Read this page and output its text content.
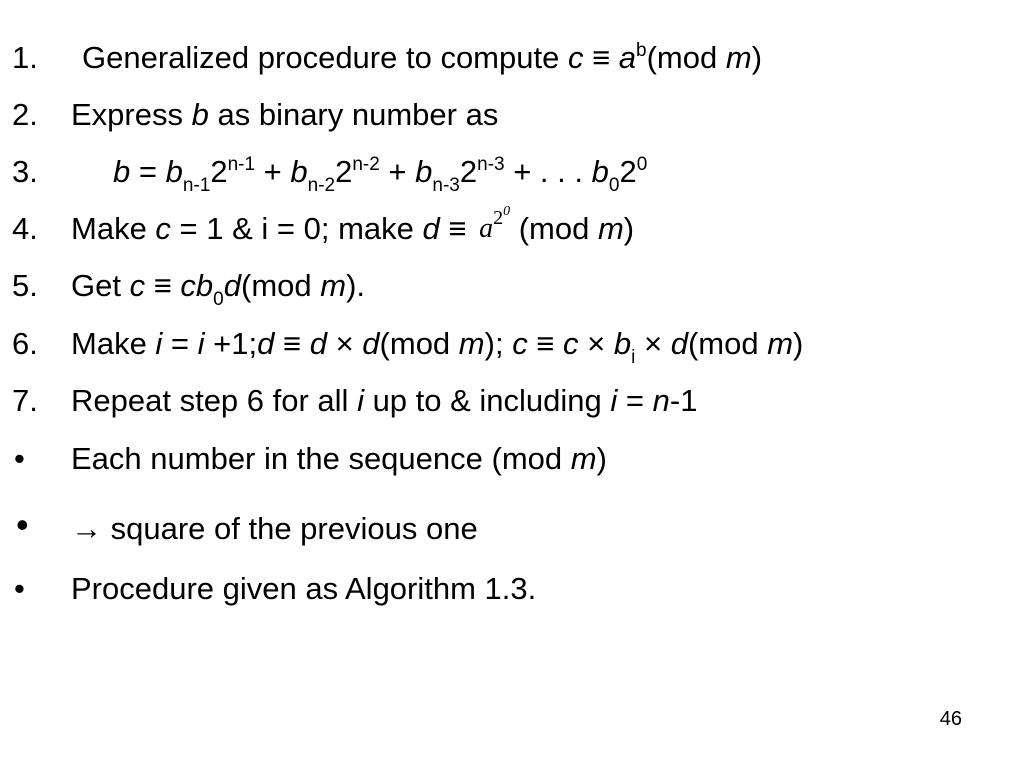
1. Generalized procedure to compute $c \equiv a^b(mod$ m)
2. Express b as binary number as
3. $b = b_{n-1}2^{n-1} + b_{n-2}2^{n-2} + b_{n-3}2^{n-3}$ + . . . $b_02^0$
4. Make c = 1 & i = 0; make $d \equiv a^{20}$ (mod m)
5. Get $c \equiv cb_0d(mod$ m).
6. Make i = i +1;d ≡ d × d(mod m); $c \equiv c \times b_i \times d(mod$ m)
7. Repeat step 6 for all i up to & including i = n-1
• Each number in the sequence (mod m)
• → square of the previous one
• Procedure given as Algorithm 1.3.
46
